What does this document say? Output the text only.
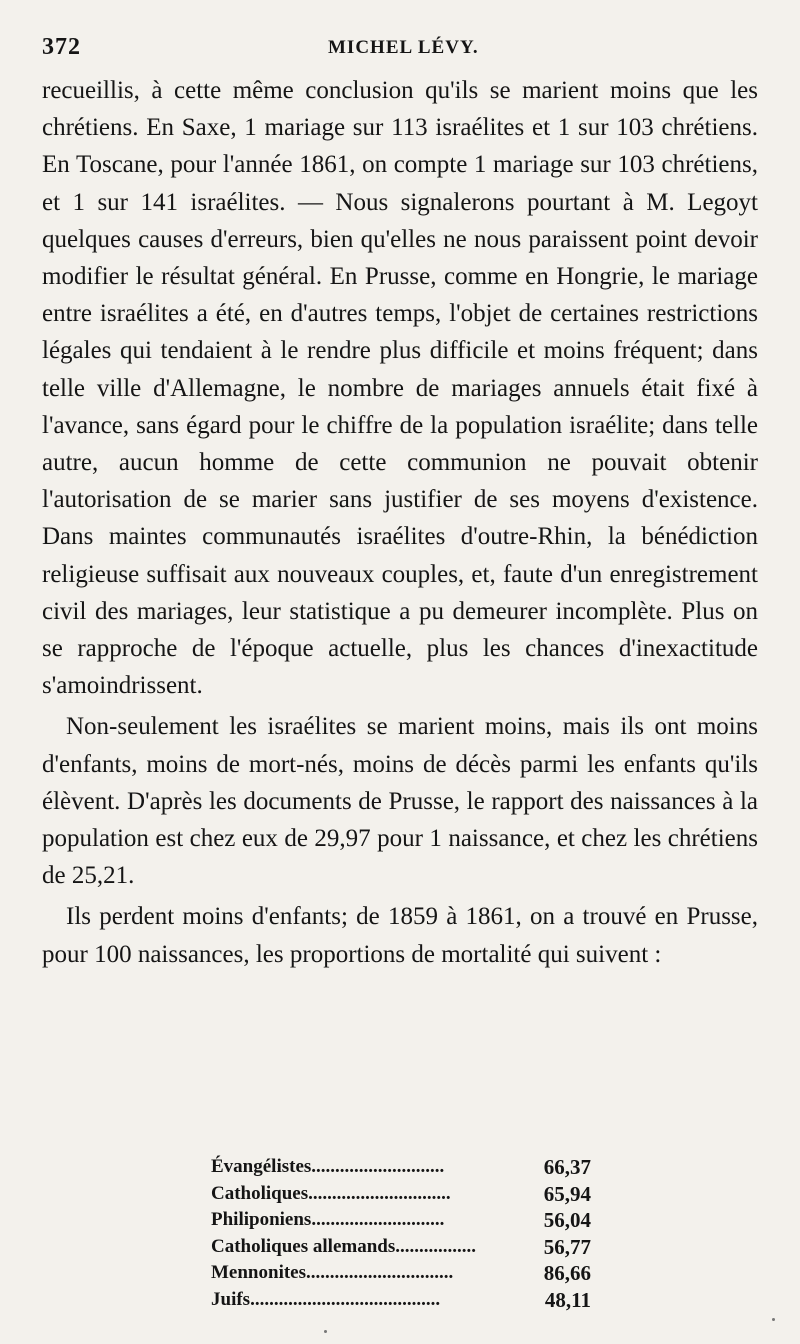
372	MICHEL LÉVY.

recueillis, à cette même conclusion qu'ils se marient moins que les chrétiens. En Saxe, 1 mariage sur 113 israélites et 1 sur 103 chrétiens. En Toscane, pour l'année 1861, on compte 1 mariage sur 103 chrétiens, et 1 sur 141 israélites. — Nous signalerons pourtant à M. Legoyt quelques causes d'erreurs, bien qu'elles ne nous paraissent point devoir modifier le résultat général. En Prusse, comme en Hongrie, le mariage entre israélites a été, en d'autres temps, l'objet de certaines restrictions légales qui tendaient à le rendre plus difficile et moins fréquent; dans telle ville d'Allemagne, le nombre de mariages annuels était fixé à l'avance, sans égard pour le chiffre de la population israélite; dans telle autre, aucun homme de cette communion ne pouvait obtenir l'autorisation de se marier sans justifier de ses moyens d'existence. Dans maintes communautés israélites d'outre-Rhin, la bénédiction religieuse suffisait aux nouveaux couples, et, faute d'un enregistrement civil des mariages, leur statistique a pu demeurer incomplète. Plus on se rapproche de l'époque actuelle, plus les chances d'inexactitude s'amoindrissent.

Non-seulement les israélites se marient moins, mais ils ont moins d'enfants, moins de mort-nés, moins de décès parmi les enfants qu'ils élèvent. D'après les documents de Prusse, le rapport des naissances à la population est chez eux de 29,97 pour 1 naissance, et chez les chrétiens de 25,21.

Ils perdent moins d'enfants; de 1859 à 1861, on a trouvé en Prusse, pour 100 naissances, les proportions de mortalité qui suivent :

Évangélistes............................	66,37
Catholiques..............................	65,94
Philiponiens............................	56,04
Catholiques allemands.................	56,77
Mennonites...............................	86,66
Juifs........................................	48,11
